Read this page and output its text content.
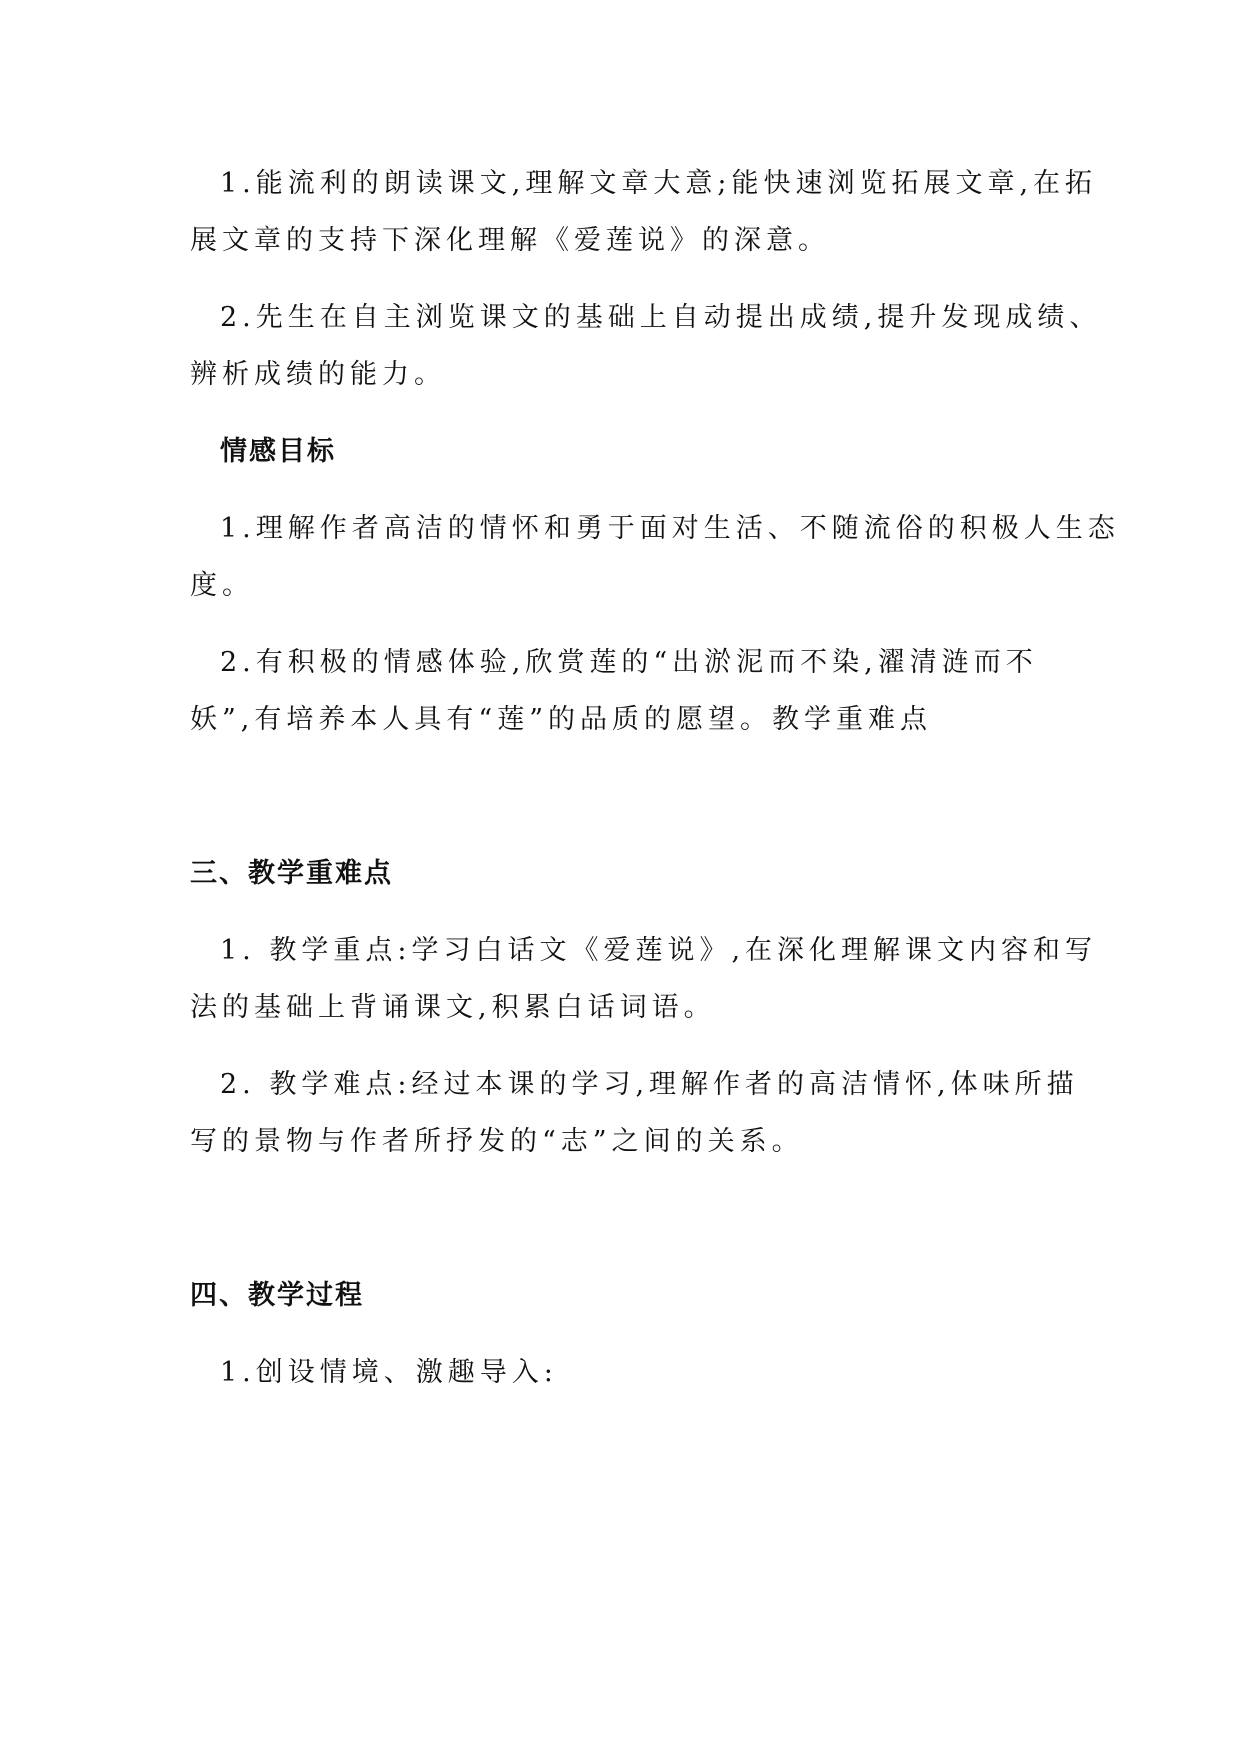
1.能流利的朗读课文,理解文章大意;能快速浏览拓展文章,在拓
展文章的支持下深化理解《爱莲说》的深意。
2.先生在自主浏览课文的基础上自动提出成绩,提升发现成绩、
辨析成绩的能力。
情感目标
1.理解作者高洁的情怀和勇于面对生活、不随流俗的积极人生态
度。
2.有积极的情感体验,欣赏莲的“出淤泥而不染,濯清涟而不
妖”,有培养本人具有“莲”的品质的愿望。教学重难点
三、教学重难点
1. 教学重点:学习白话文《爱莲说》,在深化理解课文内容和写
法的基础上背诵课文,积累白话词语。
2. 教学难点:经过本课的学习,理解作者的高洁情怀,体味所描
写的景物与作者所抒发的“志”之间的关系。
四、教学过程
1.创设情境、激趣导入:
